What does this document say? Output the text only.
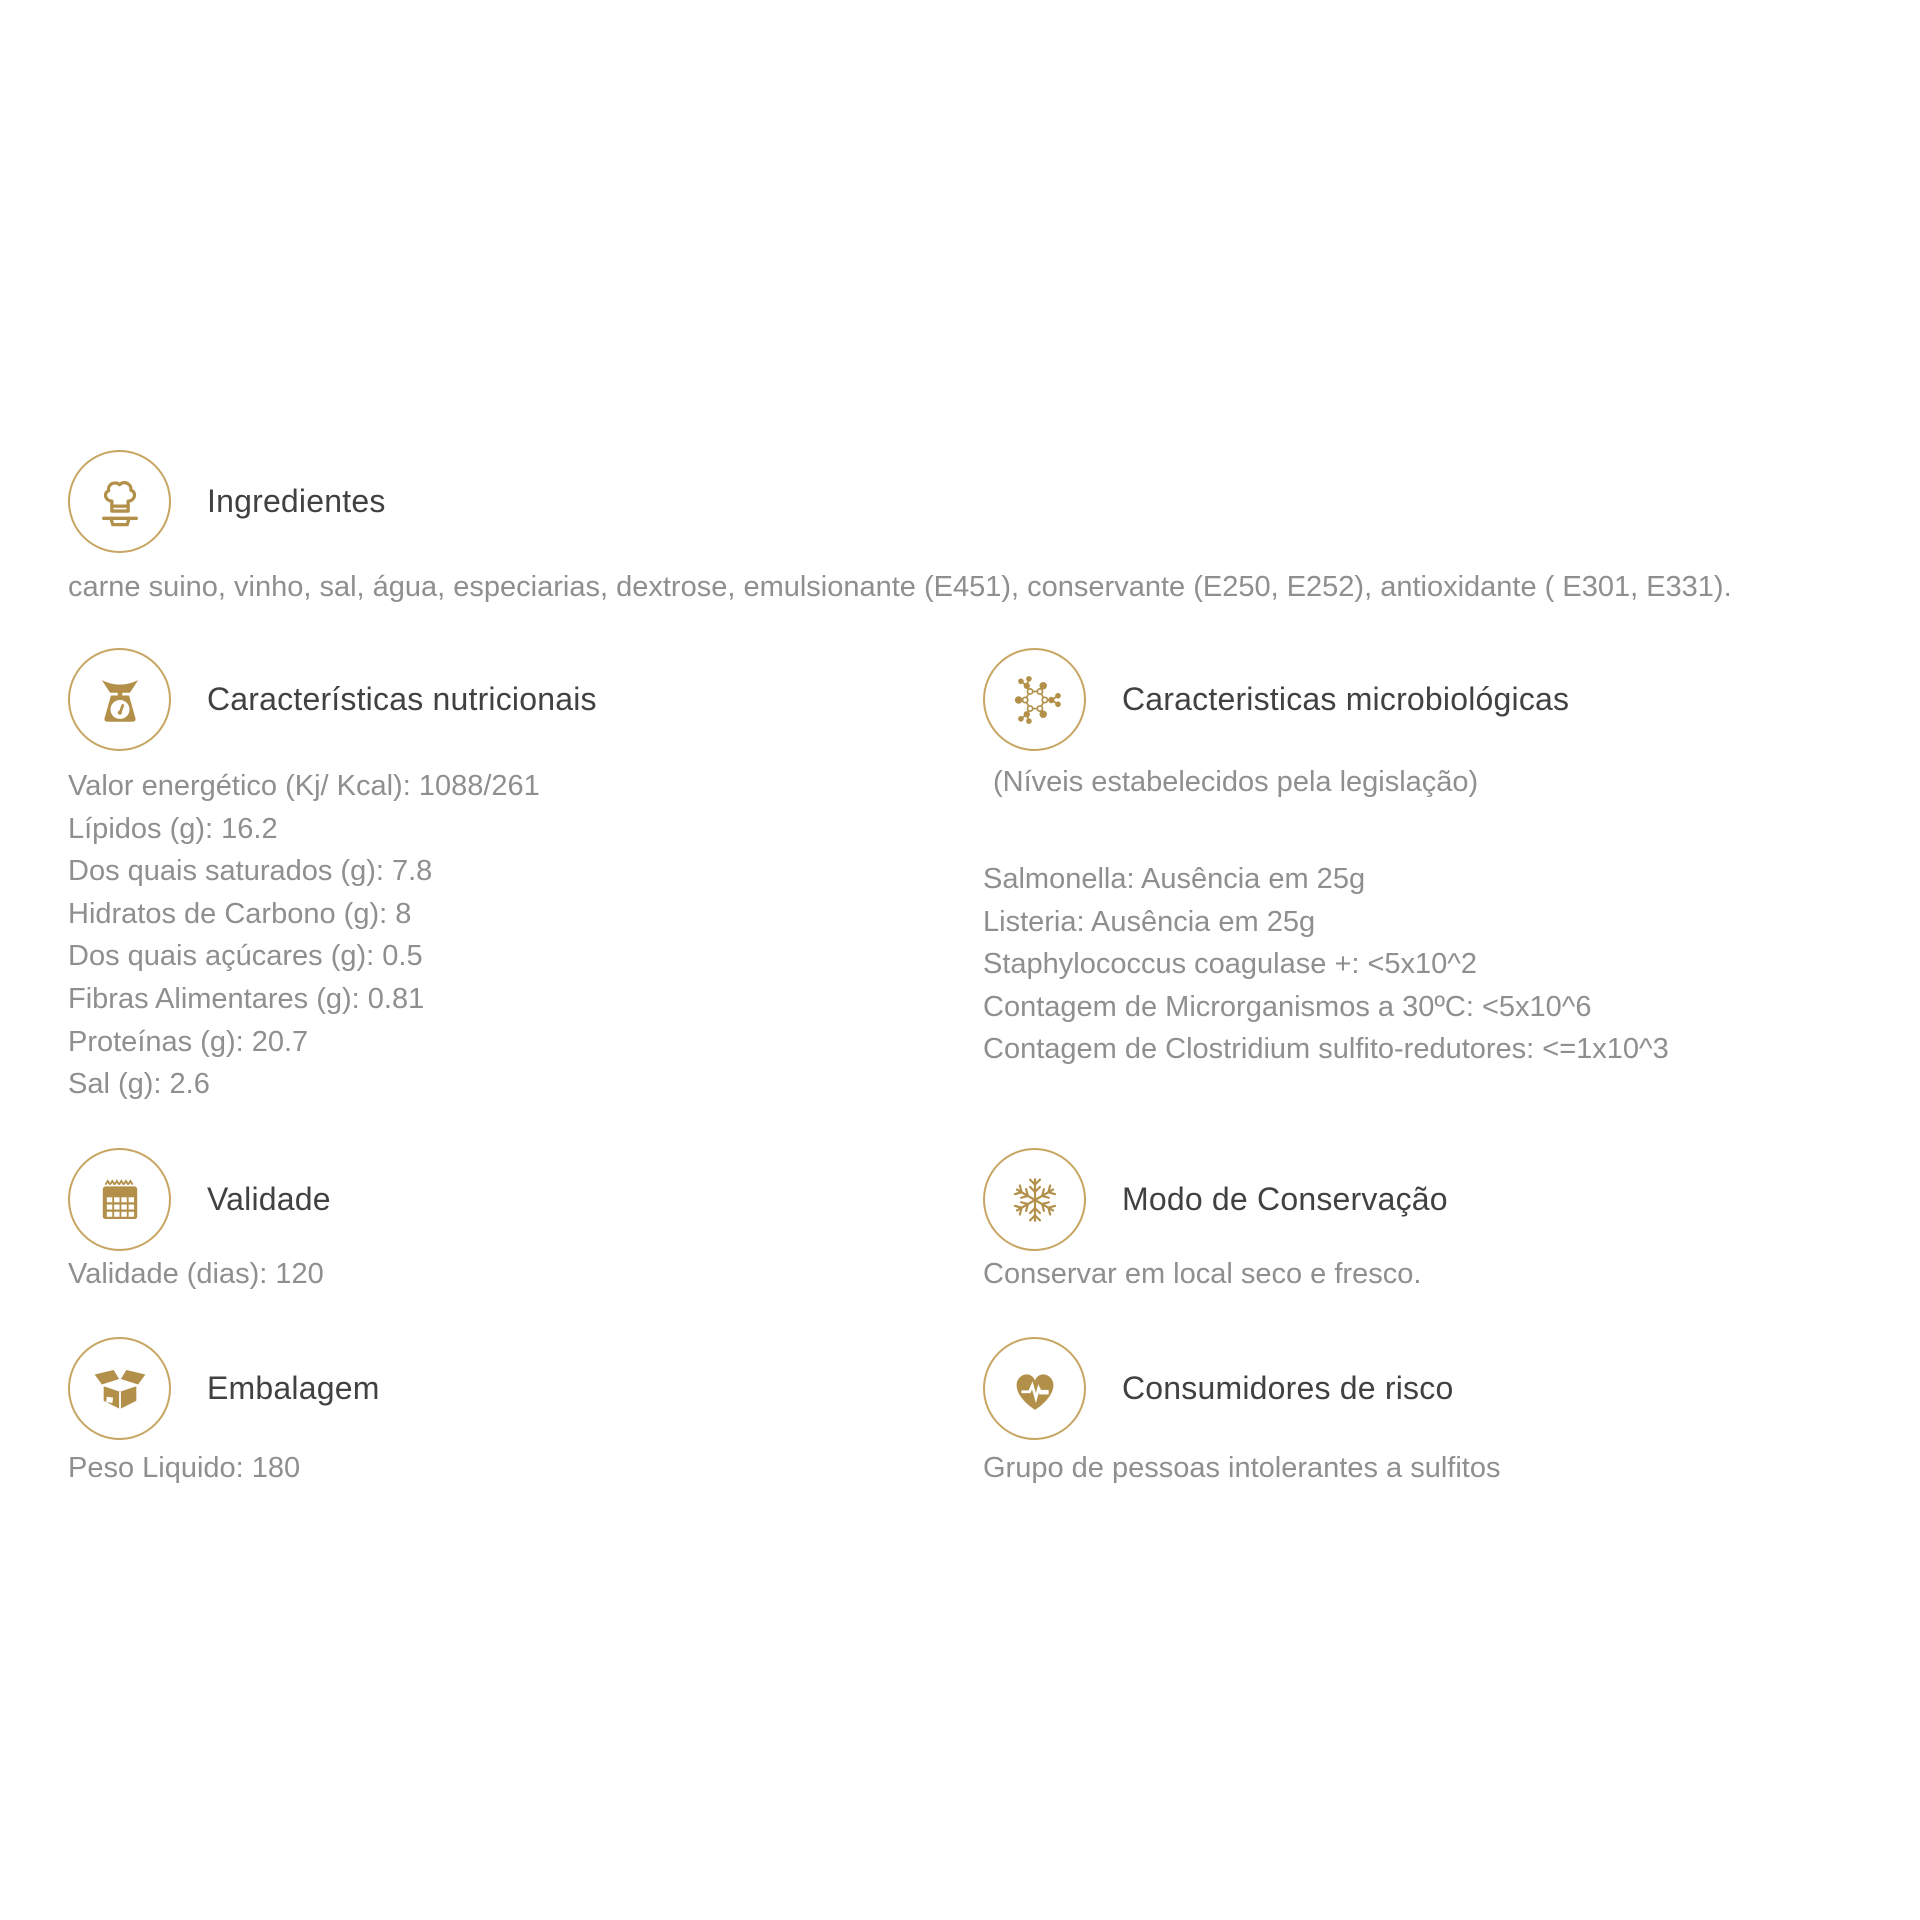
Ingredientes
carne suino, vinho, sal, água, especiarias, dextrose, emulsionante (E451), conservante (E250, E252), antioxidante ( E301, E331).
Características nutricionais
Valor energético (Kj/ Kcal): 1088/261
Lípidos (g): 16.2
Dos quais saturados (g): 7.8
Hidratos de Carbono (g): 8
Dos quais açúcares (g): 0.5
Fibras Alimentares (g): 0.81
Proteínas (g): 20.7
Sal (g): 2.6
Caracteristicas microbiológicas
(Níveis estabelecidos pela legislação)
Salmonella: Ausência em 25g
Listeria: Ausência em 25g
Staphylococcus coagulase +: <5x10^2
Contagem de Microrganismos a 30ºC: <5x10^6
Contagem de Clostridium sulfito-redutores: <=1x10^3
Validade
Validade (dias): 120
Modo de Conservação
Conservar em local seco e fresco.
Embalagem
Peso Liquido: 180
Consumidores de risco
Grupo de pessoas intolerantes a sulfitos
